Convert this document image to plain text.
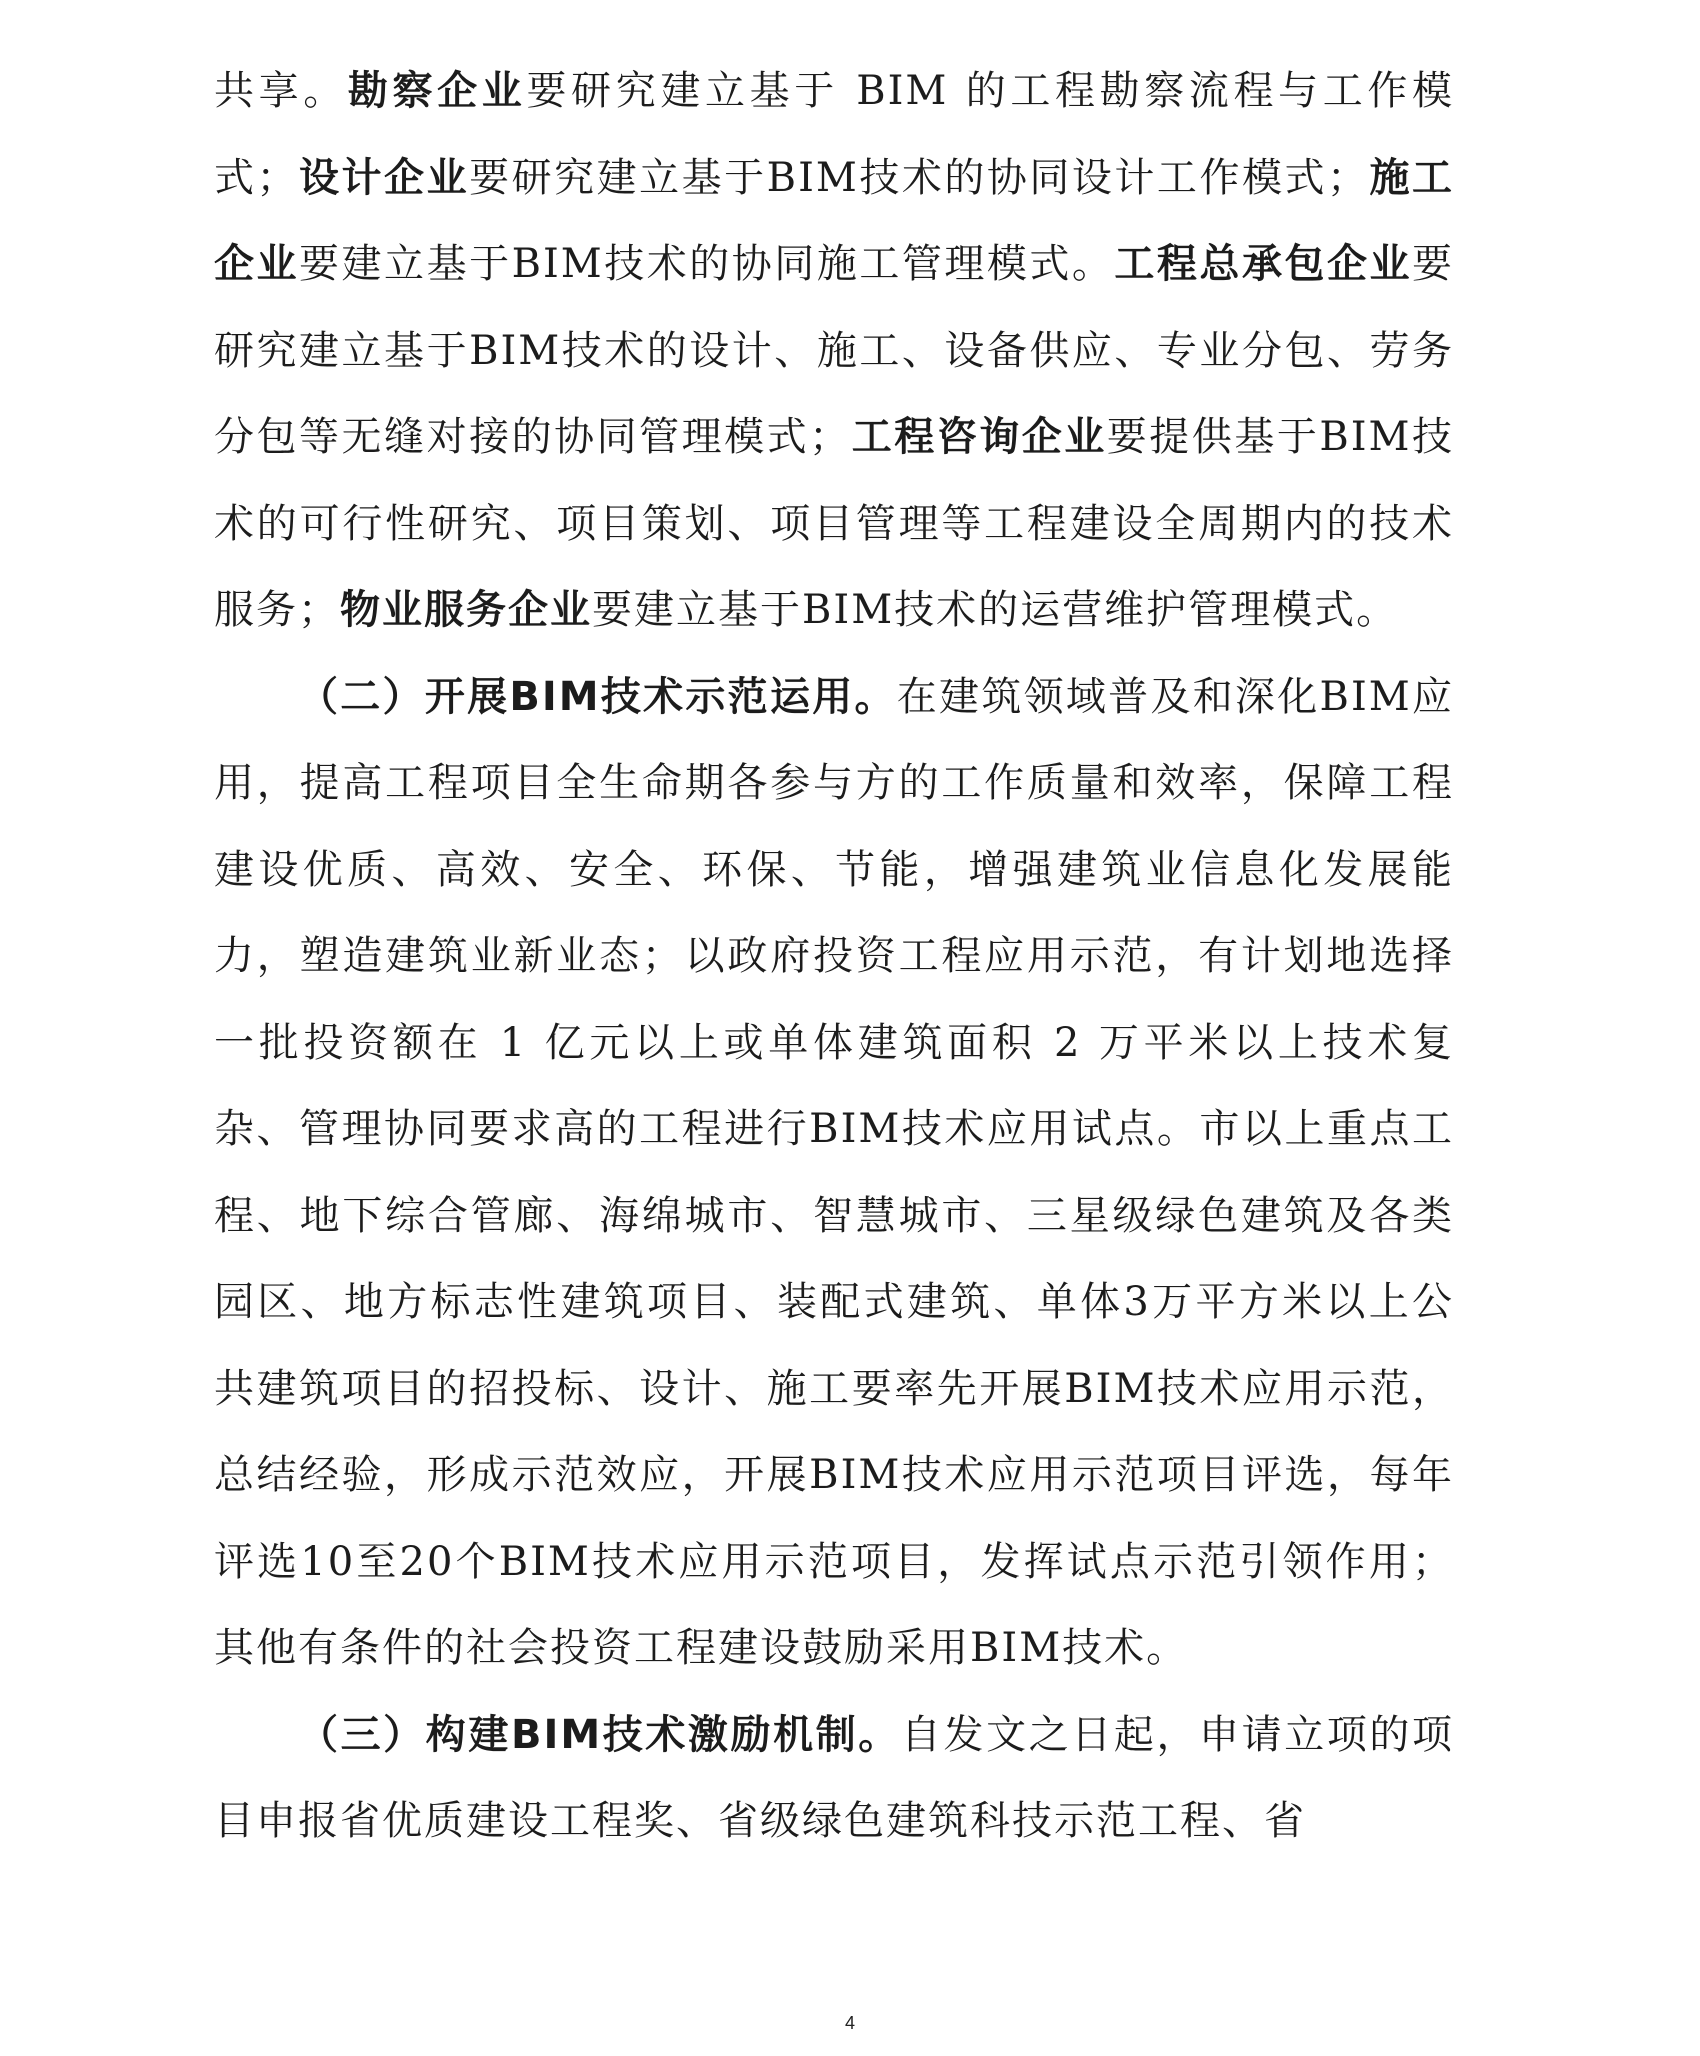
共享。勘察企业要研究建立基于 BIM 的工程勘察流程与工作模式；设计企业要研究建立基于BIM技术的协同设计工作模式；施工企业要建立基于BIM技术的协同施工管理模式。工程总承包企业要研究建立基于BIM技术的设计、施工、设备供应、专业分包、劳务分包等无缝对接的协同管理模式；工程咨询企业要提供基于BIM技术的可行性研究、项目策划、项目管理等工程建设全周期内的技术服务；物业服务企业要建立基于BIM技术的运营维护管理模式。

（二）开展BIM技术示范运用。在建筑领域普及和深化BIM应用，提高工程项目全生命期各参与方的工作质量和效率，保障工程建设优质、高效、安全、环保、节能，增强建筑业信息化发展能力，塑造建筑业新业态；以政府投资工程应用示范，有计划地选择一批投资额在 1 亿元以上或单体建筑面积 2 万平米以上技术复杂、管理协同要求高的工程进行BIM技术应用试点。市以上重点工程、地下综合管廊、海绵城市、智慧城市、三星级绿色建筑及各类园区、地方标志性建筑项目、装配式建筑、单体3万平方米以上公共建筑项目的招投标、设计、施工要率先开展BIM技术应用示范，总结经验，形成示范效应，开展BIM技术应用示范项目评选，每年评选10至20个BIM技术应用示范项目，发挥试点示范引领作用；其他有条件的社会投资工程建设鼓励采用BIM技术。

（三）构建BIM技术激励机制。自发文之日起，申请立项的项目申报省优质建设工程奖、省级绿色建筑科技示范工程、省

4
